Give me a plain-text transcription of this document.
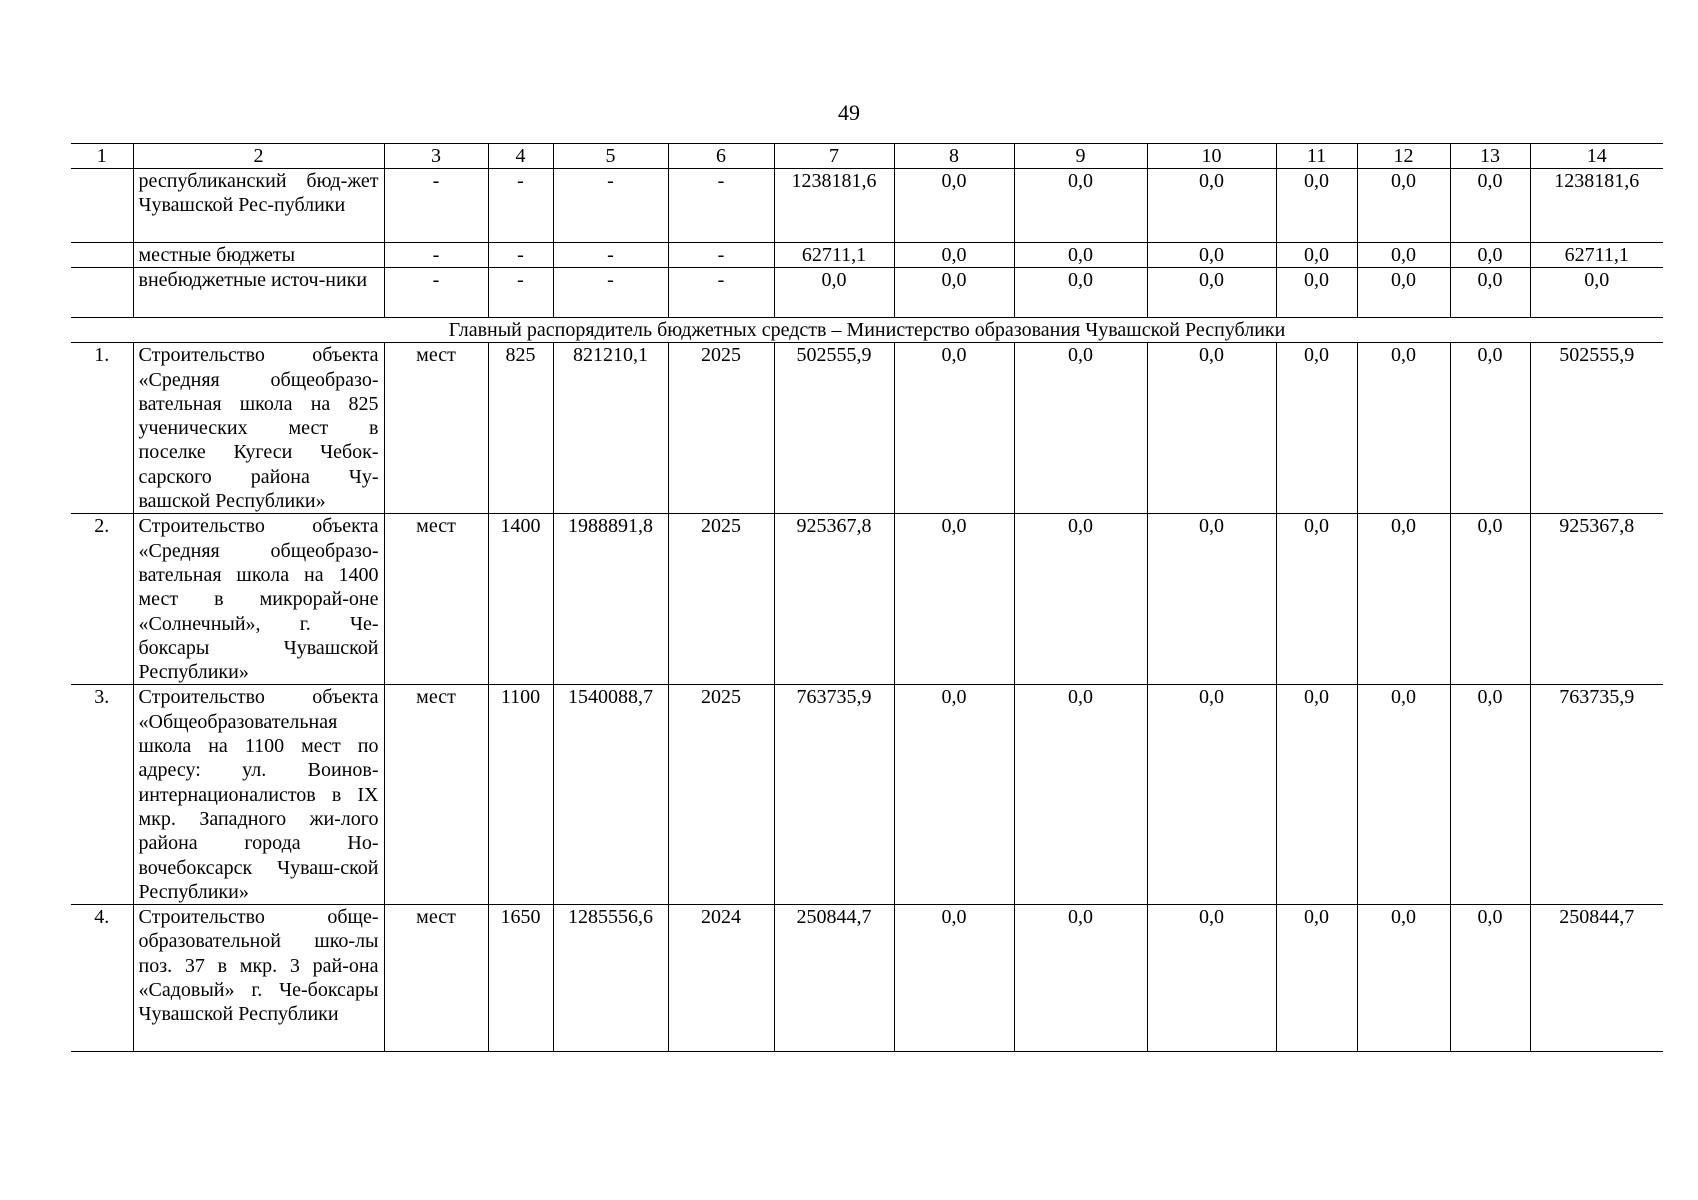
49
1	2	3	4	5	6	7	8	9	10	11	12	13	14
	республиканский бюд-жет Чувашской Рес-публики	-	-	-	-	1238181,6	0,0	0,0	0,0	0,0	0,0	0,0	1238181,6
	местные бюджеты	-	-	-	-	62711,1	0,0	0,0	0,0	0,0	0,0	0,0	62711,1
	внебюджетные источ-ники	-	-	-	-	0,0	0,0	0,0	0,0	0,0	0,0	0,0	0,0
Главный распорядитель бюджетных средств – Министерство образования Чувашской Республики													
1.	Строительство объекта «Средняя общеобразо-вательная школа на 825 ученических мест в поселке Кугеси Чебок-сарского района Чу-вашской Республики»	мест	825	821210,1	2025	502555,9	0,0	0,0	0,0	0,0	0,0	0,0	502555,9
2.	Строительство объекта «Средняя общеобразо-вательная школа на 1400 мест в микрорай-оне «Солнечный», г. Че-боксары Чувашской Республики»	мест	1400	1988891,8	2025	925367,8	0,0	0,0	0,0	0,0	0,0	0,0	925367,8
3.	Строительство объекта «Общеобразовательная школа на 1100 мест по адресу: ул. Воинов-интернационалистов в IX мкр. Западного жи-лого района города Но-вочебоксарск Чуваш-ской Республики»	мест	1100	1540088,7	2025	763735,9	0,0	0,0	0,0	0,0	0,0	0,0	763735,9
4.	Строительство обще-образовательной шко-лы поз. 37 в мкр. 3 рай-она «Садовый» г. Че-боксары Чувашской Республики	мест	1650	1285556,6	2024	250844,7	0,0	0,0	0,0	0,0	0,0	0,0	250844,7
